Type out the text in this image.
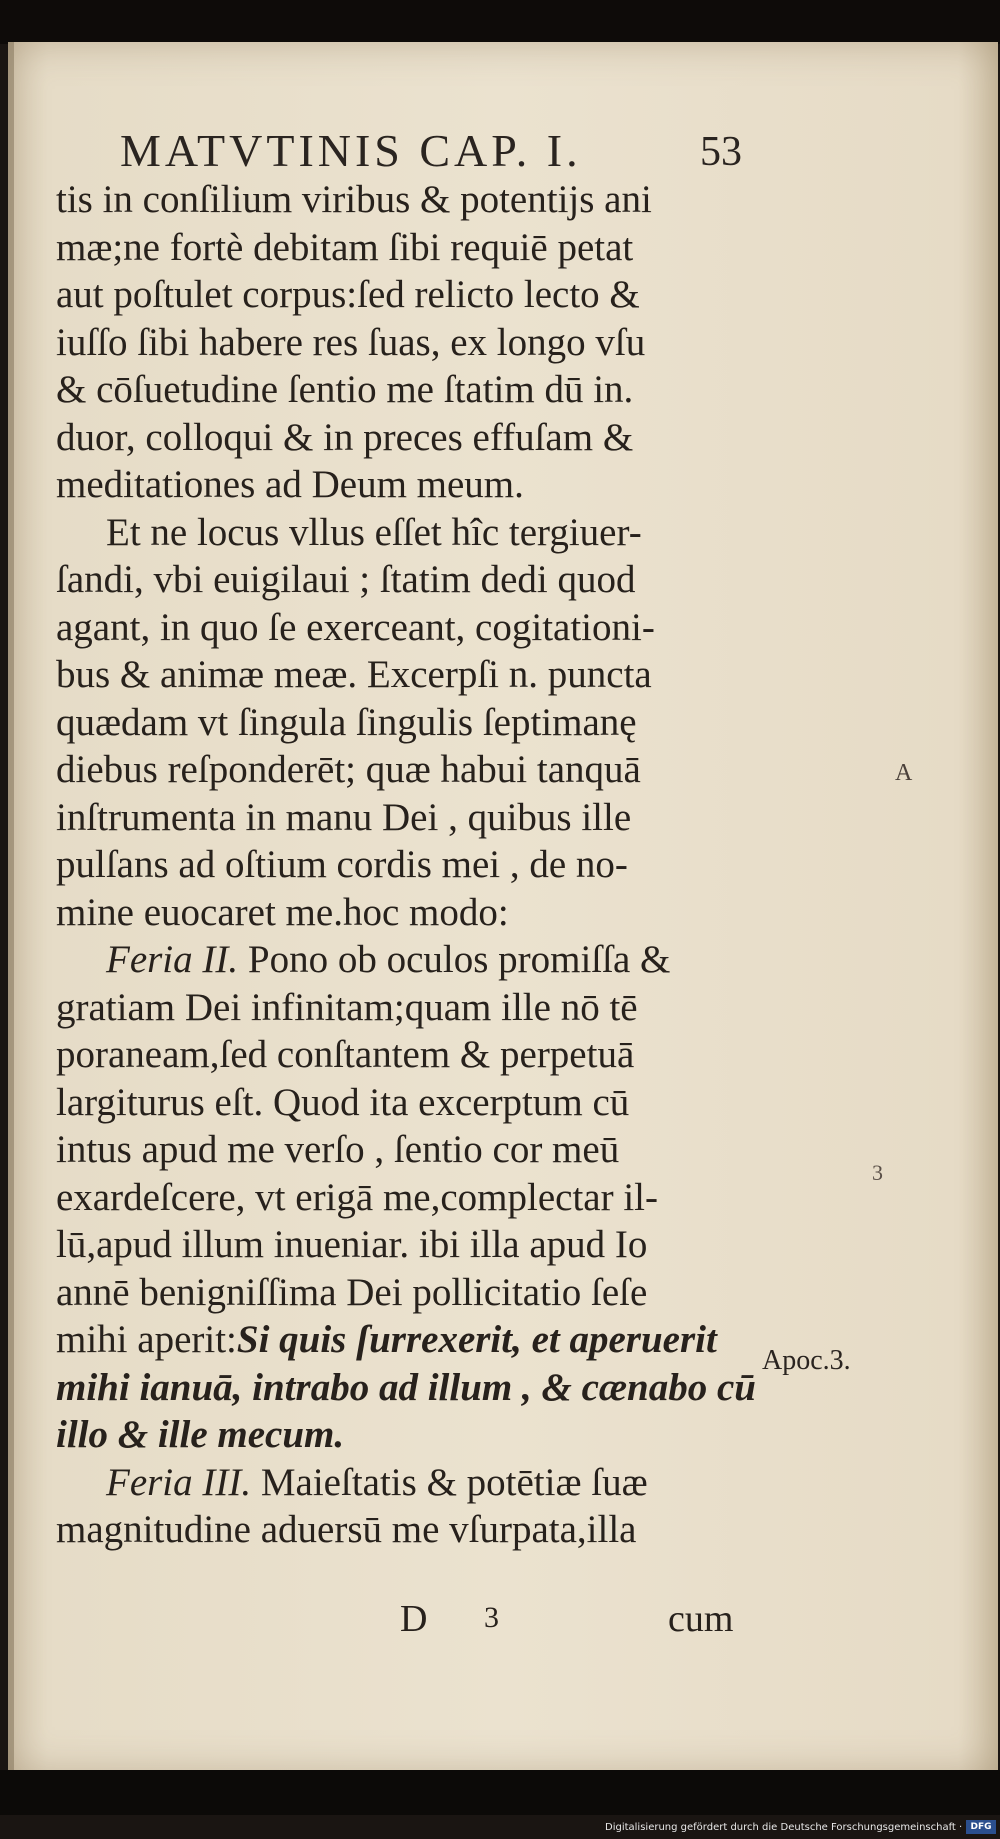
MATVTINIS CAP. I.	53
tis in conſilium viribus & potentijs ani
mæ;ne fortè debitam ſibi requiē petat
aut poſtulet corpus:ſed relicto lecto &
iuſſo ſibi habere res ſuas, ex longo vſu
& cōſuetudine ſentio me ſtatim dū in.
duor, colloqui & in preces effuſam &
meditationes ad Deum meum.
Et ne locus vllus eſſet hîc tergiuer-
ſandi, vbi euigilaui ; ſtatim dedi quod
agant, in quo ſe exerceant, cogitationi-
bus & animæ meæ. Excerpſi n. puncta
quædam vt ſingula ſingulis ſeptimanę
diebus reſponderēt; quæ habui tanquā
inſtrumenta in manu Dei , quibus ille
pulſans ad oſtium cordis mei , de no-
mine euocaret me.hoc modo:
Feria II. Pono ob oculos promiſſa &
gratiam Dei infinitam;quam ille nō tē
poraneam,ſed conſtantem & perpetuā
largiturus eſt. Quod ita excerptum cū
intus apud me verſo , ſentio cor meū
exardeſcere, vt erigā me,complectar il-
lū,apud illum inueniar. ibi illa apud Io
annē benigniſſima Dei pollicitatio ſeſe
mihi aperit:Si quis ſurrexerit, et aperuerit
mihi ianuā, intrabo ad illum , & cænabo cū
illo & ille mecum.
Feria III. Maieſtatis & potētiæ ſuæ
magnitudine aduersū me vſurpata,illa
A
3
Apoc.3.
D 3	cum
Digitalisierung gefördert durch die Deutsche Forschungsgemeinschaft · DFG
